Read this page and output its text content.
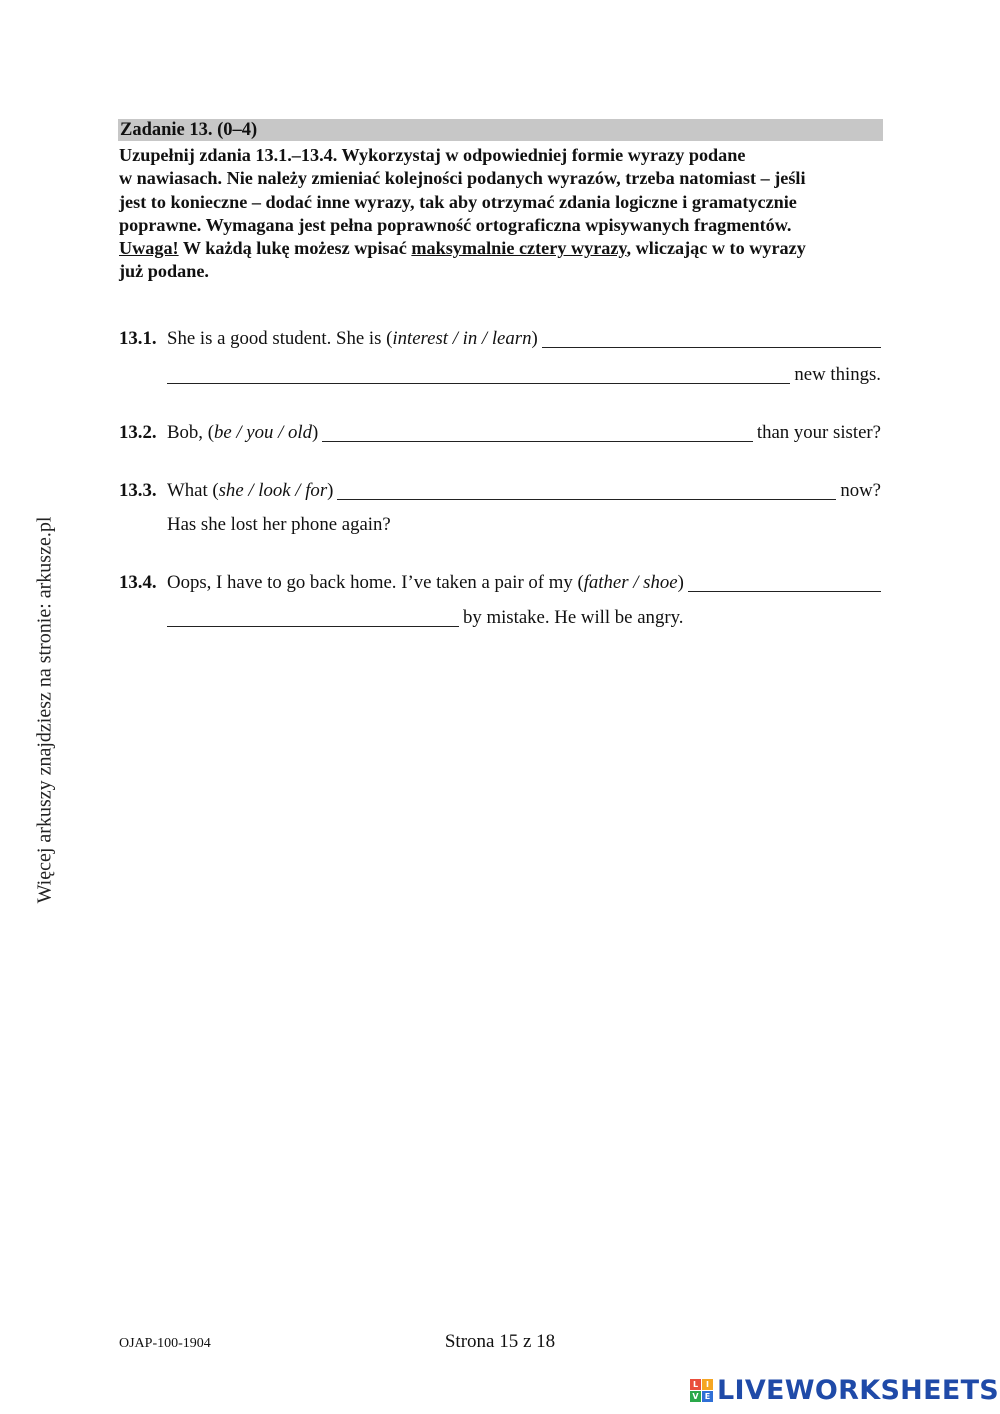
Więcej arkuszy znajdziesz na stronie: arkusze.pl
Zadanie 13. (0–4)
Uzupełnij zdania 13.1.–13.4. Wykorzystaj w odpowiedniej formie wyrazy podane
w nawiasach. Nie należy zmieniać kolejności podanych wyrazów, trzeba natomiast – jeśli
jest to konieczne – dodać inne wyrazy, tak aby otrzymać zdania logiczne i gramatycznie
poprawne. Wymagana jest pełna poprawność ortograficzna wpisywanych fragmentów.
Uwaga! W każdą lukę możesz wpisać maksymalnie cztery wyrazy, wliczając w to wyrazy
już podane.
13.1. She is a good student. She is ( interest / in / learn )
new things.
13.2. Bob, ( be / you / old )	than your sister?
13.3. What ( she / look / for )	now?
Has she lost her phone again?
13.4. Oops, I have to go back home. I’ve taken a pair of my ( father / shoe )
by mistake. He will be angry.
OJAP-100-1904	Strona 15 z 18
L I
V E LIVEWORKSHEETS
